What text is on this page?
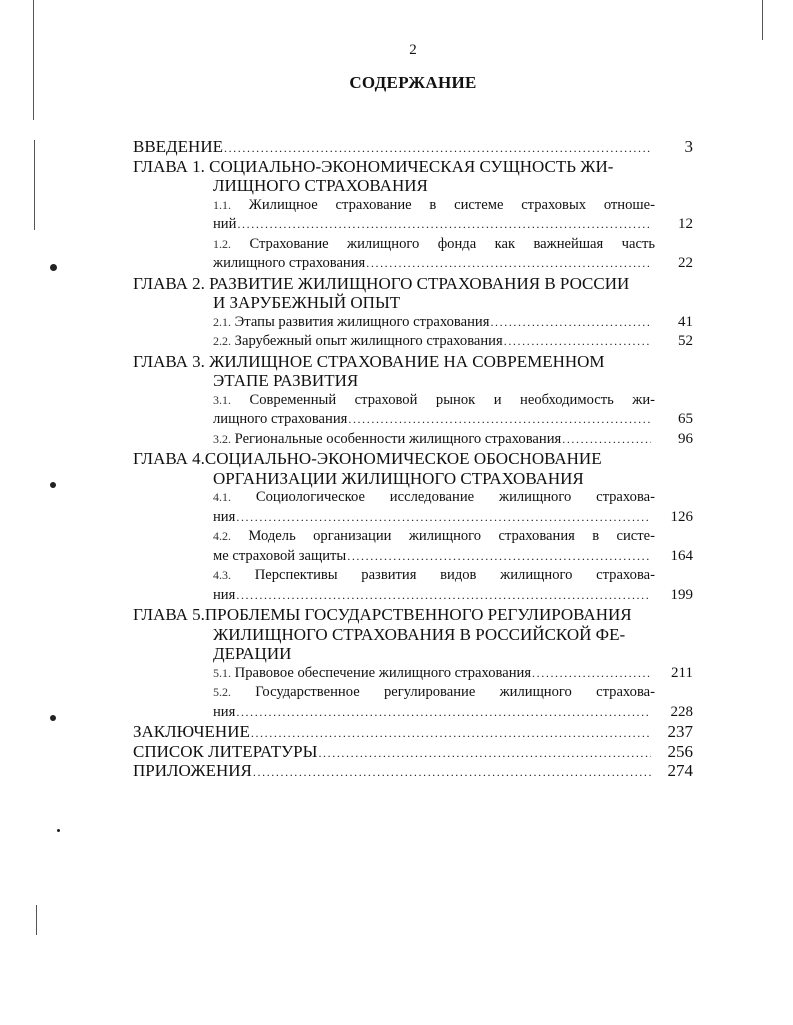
2
СОДЕРЖАНИЕ
ВВЕДЕНИЕ .....	3
ГЛАВА 1. СОЦИАЛЬНО-ЭКОНОМИЧЕСКАЯ СУЩНОСТЬ ЖИ-
ЛИЩНОГО СТРАХОВАНИЯ
1.1. Жилищное страхование в системе страховых отноше-
ний .....	12
1.2. Страхование жилищного фонда как важнейшая часть
жилищного страхования .....	22
ГЛАВА 2. РАЗВИТИЕ ЖИЛИЩНОГО СТРАХОВАНИЯ В РОССИИ
И ЗАРУБЕЖНЫЙ ОПЫТ
2.1. Этапы развития жилищного страхования .....	41
2.2. Зарубежный опыт жилищного страхования .....	52
ГЛАВА 3. ЖИЛИЩНОЕ СТРАХОВАНИЕ НА СОВРЕМЕННОМ
ЭТАПЕ РАЗВИТИЯ
3.1. Современный страховой рынок и необходимость жи-
лищного страхования .....	65
3.2. Региональные особенности жилищного страхования .....	96
ГЛАВА 4.СОЦИАЛЬНО-ЭКОНОМИЧЕСКОЕ ОБОСНОВАНИЕ
ОРГАНИЗАЦИИ ЖИЛИЩНОГО СТРАХОВАНИЯ
4.1. Социологическое исследование жилищного страхова-
ния .....	126
4.2. Модель организации жилищного страхования в систе-
ме страховой защиты .....	164
4.3. Перспективы развития видов жилищного страхова-
ния .....	199
ГЛАВА 5.ПРОБЛЕМЫ ГОСУДАРСТВЕННОГО РЕГУЛИРОВАНИЯ
ЖИЛИЩНОГО СТРАХОВАНИЯ В РОССИЙСКОЙ ФЕ-
ДЕРАЦИИ
5.1. Правовое обеспечение жилищного страхования .....	211
5.2. Государственное регулирование жилищного страхова-
ния .....	228
ЗАКЛЮЧЕНИЕ .....	237
СПИСОК ЛИТЕРАТУРЫ .....	256
ПРИЛОЖЕНИЯ .....	274
